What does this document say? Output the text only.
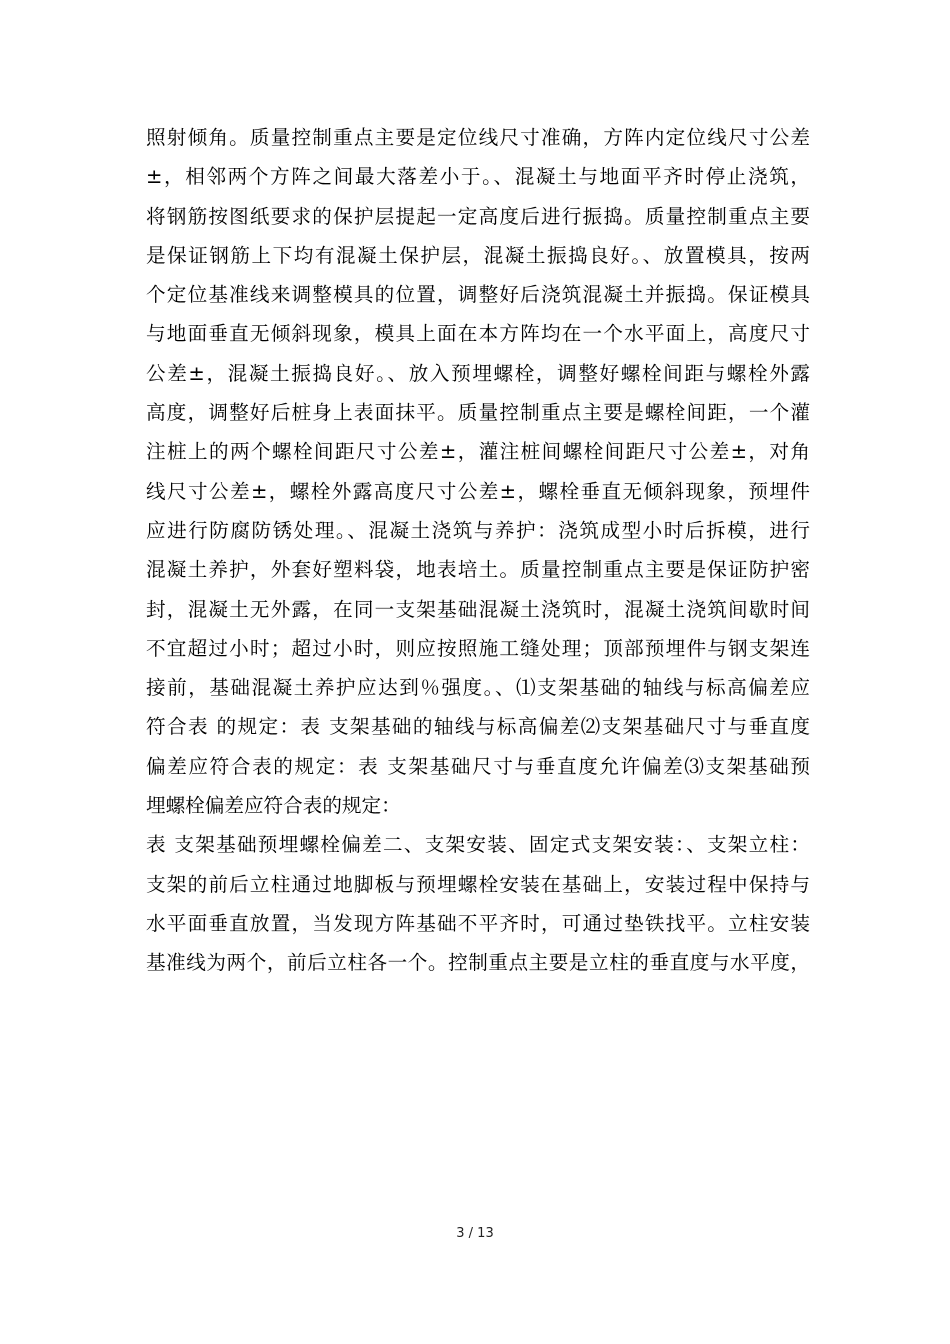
照射倾角。质量控制重点主要是定位线尺寸准确，方阵内定位线尺寸公差
±，相邻两个方阵之间最大落差小于。、混凝土与地面平齐时停止浇筑，
将钢筋按图纸要求的保护层提起一定高度后进行振捣。质量控制重点主要
是保证钢筋上下均有混凝土保护层，混凝土振捣良好。、放置模具，按两
个定位基准线来调整模具的位置，调整好后浇筑混凝土并振捣。保证模具
与地面垂直无倾斜现象，模具上面在本方阵均在一个水平面上，高度尺寸
公差±，混凝土振捣良好。、放入预埋螺栓，调整好螺栓间距与螺栓外露
高度，调整好后桩身上表面抹平。质量控制重点主要是螺栓间距，一个灌
注桩上的两个螺栓间距尺寸公差±，灌注桩间螺栓间距尺寸公差±，对角
线尺寸公差±，螺栓外露高度尺寸公差±，螺栓垂直无倾斜现象，预埋件
应进行防腐防锈处理。、混凝土浇筑与养护：浇筑成型小时后拆模，进行
混凝土养护，外套好塑料袋，地表培土。质量控制重点主要是保证防护密
封，混凝土无外露，在同一支架基础混凝土浇筑时，混凝土浇筑间歇时间
不宜超过小时；超过小时，则应按照施工缝处理；顶部预埋件与钢支架连
接前，基础混凝土养护应达到％强度。、⑴支架基础的轴线与标高偏差应
符合表 的规定：表 支架基础的轴线与标高偏差⑵支架基础尺寸与垂直度
偏差应符合表的规定：表 支架基础尺寸与垂直度允许偏差⑶支架基础预
埋螺栓偏差应符合表的规定：
表 支架基础预埋螺栓偏差二、支架安装、固定式支架安装：、支架立柱：
支架的前后立柱通过地脚板与预埋螺栓安装在基础上，安装过程中保持与
水平面垂直放置，当发现方阵基础不平齐时，可通过垫铁找平。立柱安装
基准线为两个，前后立柱各一个。控制重点主要是立柱的垂直度与水平度，
3 / 13
